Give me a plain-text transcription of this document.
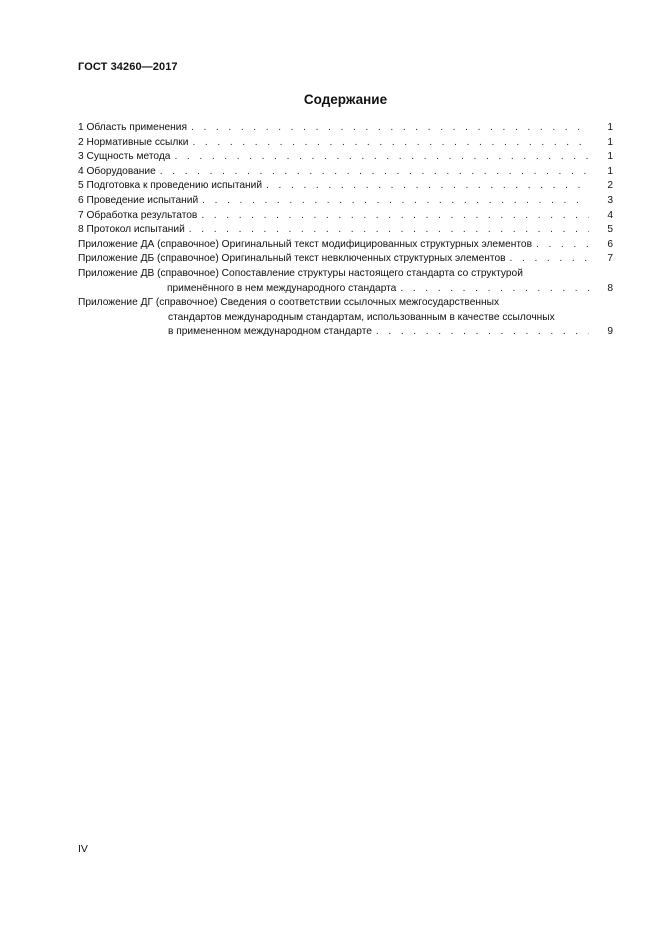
ГОСТ 34260—2017
Содержание
1 Область применения . . .	1
2 Нормативные ссылки . . .	1
3 Сущность метода . . .	1
4 Оборудование . . .	1
5 Подготовка к проведению испытаний . . .	2
6 Проведение испытаний . . .	3
7 Обработка результатов . . .	4
8 Протокол испытаний . . .	5
Приложение ДА (справочное) Оригинальный текст модифицированных структурных элементов . . .	6
Приложение ДБ (справочное) Оригинальный текст невключенных структурных элементов . . .	7
Приложение ДВ (справочное) Сопоставление структуры настоящего стандарта со структурой
применённого в нем международного стандарта . . .	8
Приложение ДГ (справочное) Сведения о соответствии ссылочных межгосударственных
стандартов международным стандартам, использованным в качестве ссылочных
в примененном международном стандарте . . .	9
IV
